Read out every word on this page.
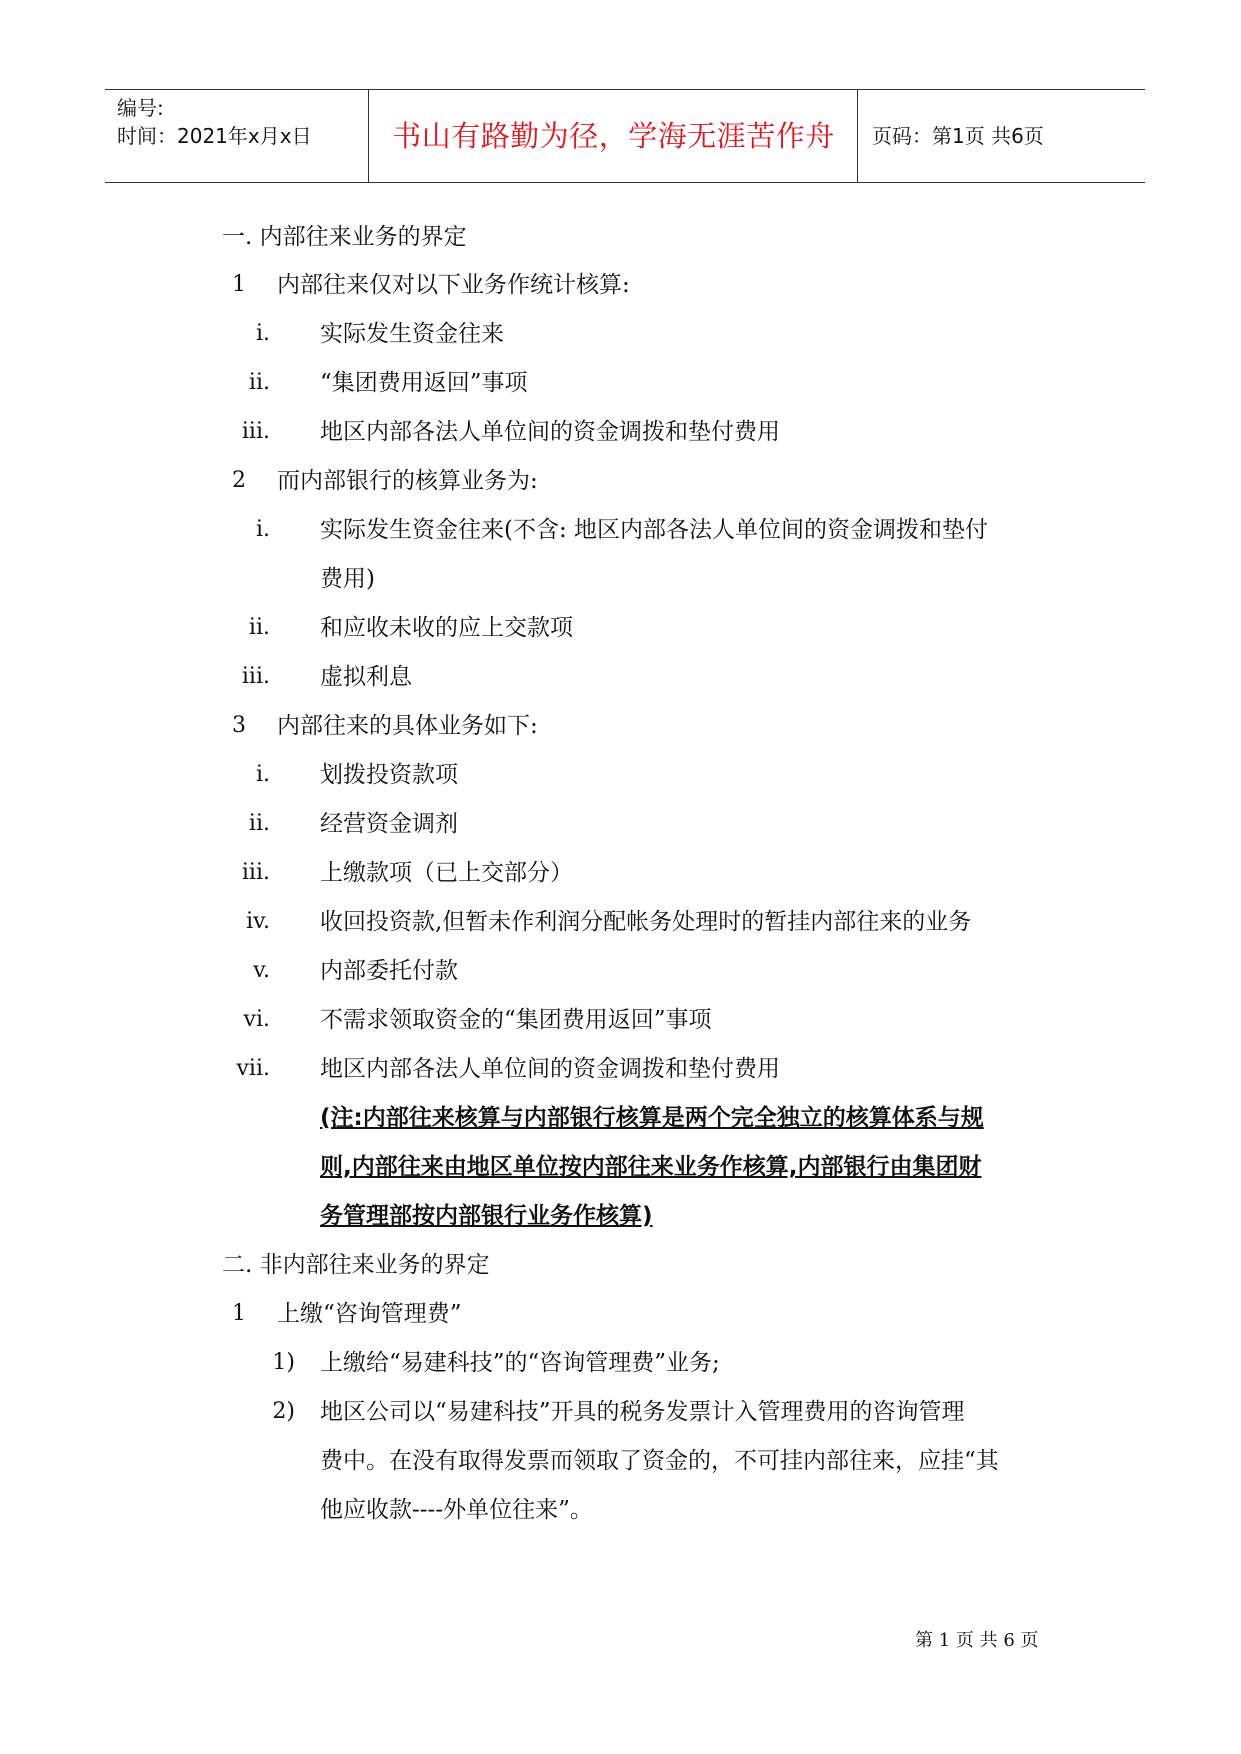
编号:
时间：2021年x月x日	书山有路勤为径，学海无涯苦作舟	页码：第1页 共6页
一. 内部往来业务的界定
1 内部往来仅对以下业务作统计核算:
i. 实际发生资金往来
ii. “集团费用返回”事项
iii. 地区内部各法人单位间的资金调拨和垫付费用
2 而内部银行的核算业务为:
i. 实际发生资金往来(不含: 地区内部各法人单位间的资金调拨和垫付
费用)
ii. 和应收未收的应上交款项
iii. 虚拟利息
3 内部往来的具体业务如下:
i. 划拨投资款项
ii. 经营资金调剂
iii. 上缴款项（已上交部分）
iv. 收回投资款,但暂未作利润分配帐务处理时的暂挂内部往来的业务
v. 内部委托付款
vi. 不需求领取资金的“集团费用返回”事项
vii. 地区内部各法人单位间的资金调拨和垫付费用
(注:内部往来核算与内部银行核算是两个完全独立的核算体系与规
则,内部往来由地区单位按内部往来业务作核算,内部银行由集团财
务管理部按内部银行业务作核算)
二. 非内部往来业务的界定
1 上缴“咨询管理费”
1) 上缴给“易建科技”的“咨询管理费”业务;
2) 地区公司以“易建科技”开具的税务发票计入管理费用的咨询管理
费中。在没有取得发票而领取了资金的，不可挂内部往来，应挂“其
他应收款----外单位往来”。
第 1 页 共 6 页
